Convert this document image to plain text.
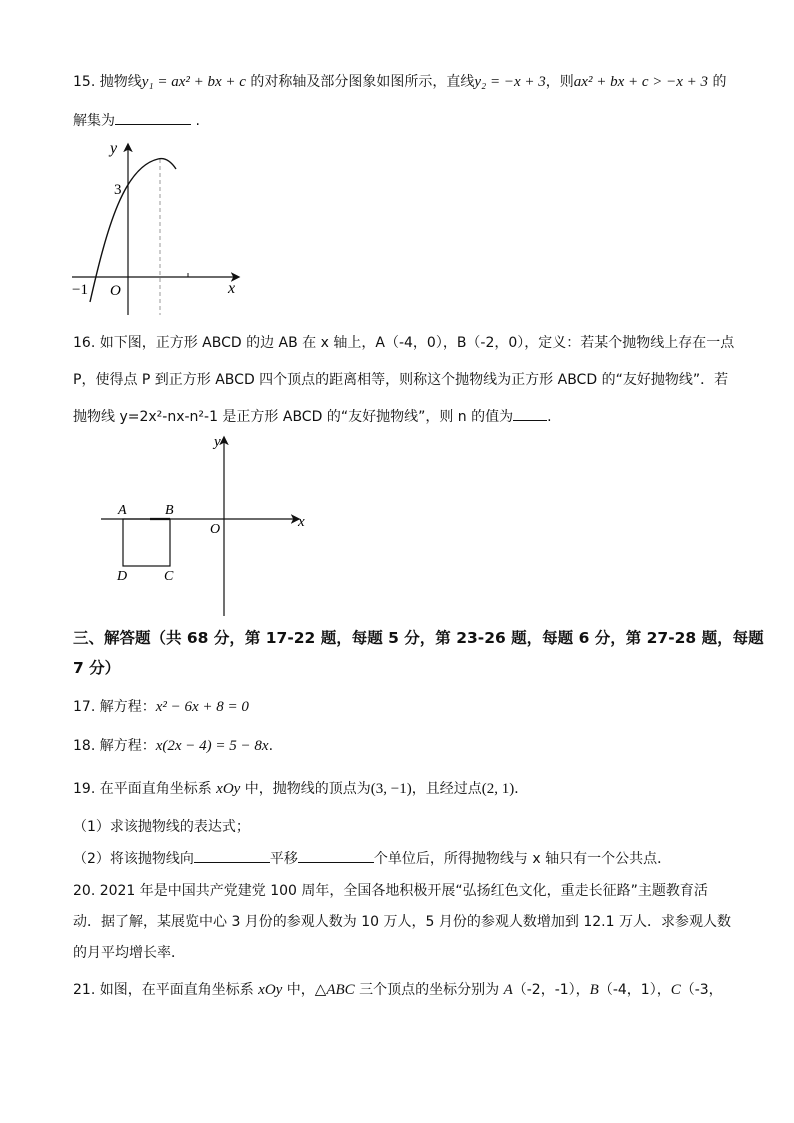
15. 抛物线y₁ = ax² + bx + c 的对称轴及部分图象如图所示，直线y₂ = −x + 3，则ax² + bx + c > −x + 3 的
解集为	.
y
x
3
−1 O
16. 如下图，正方形 ABCD 的边 AB 在 x 轴上，A（-4，0），B（-2，0），定义：若某个抛物线上存在一点
P，使得点 P 到正方形 ABCD 四个顶点的距离相等，则称这个抛物线为正方形 ABCD 的“友好抛物线”．若
抛物线 y=2x²-nx-n²-1 是正方形 ABCD 的“友好抛物线”，则 n 的值为 .
y
x
A	B
D	C
O
三、解答题（共 68 分，第 17-22 题，每题 5 分，第 23-26 题，每题 6 分，第 27-28 题，每题
7 分）
17. 解方程：x² − 6x + 8 = 0
18. 解方程：x(2x − 4) = 5 − 8x.
19. 在平面直角坐标系 xOy 中，抛物线的顶点为(3, −1)，且经过点(2, 1)．
（1）求该抛物线的表达式；
（2）将该抛物线向	平移	个单位后，所得抛物线与 x 轴只有一个公共点．
20. 2021 年是中国共产党建党 100 周年，全国各地积极开展“弘扬红色文化，重走长征路”主题教育活
动．据了解，某展览中心 3 月份的参观人数为 10 万人，5 月份的参观人数增加到 12.1 万人．求参观人数
的月平均增长率．
21. 如图，在平面直角坐标系 xOy 中，△ABC 三个顶点的坐标分别为 A（-2，-1），B（-4，1），C（-3，
